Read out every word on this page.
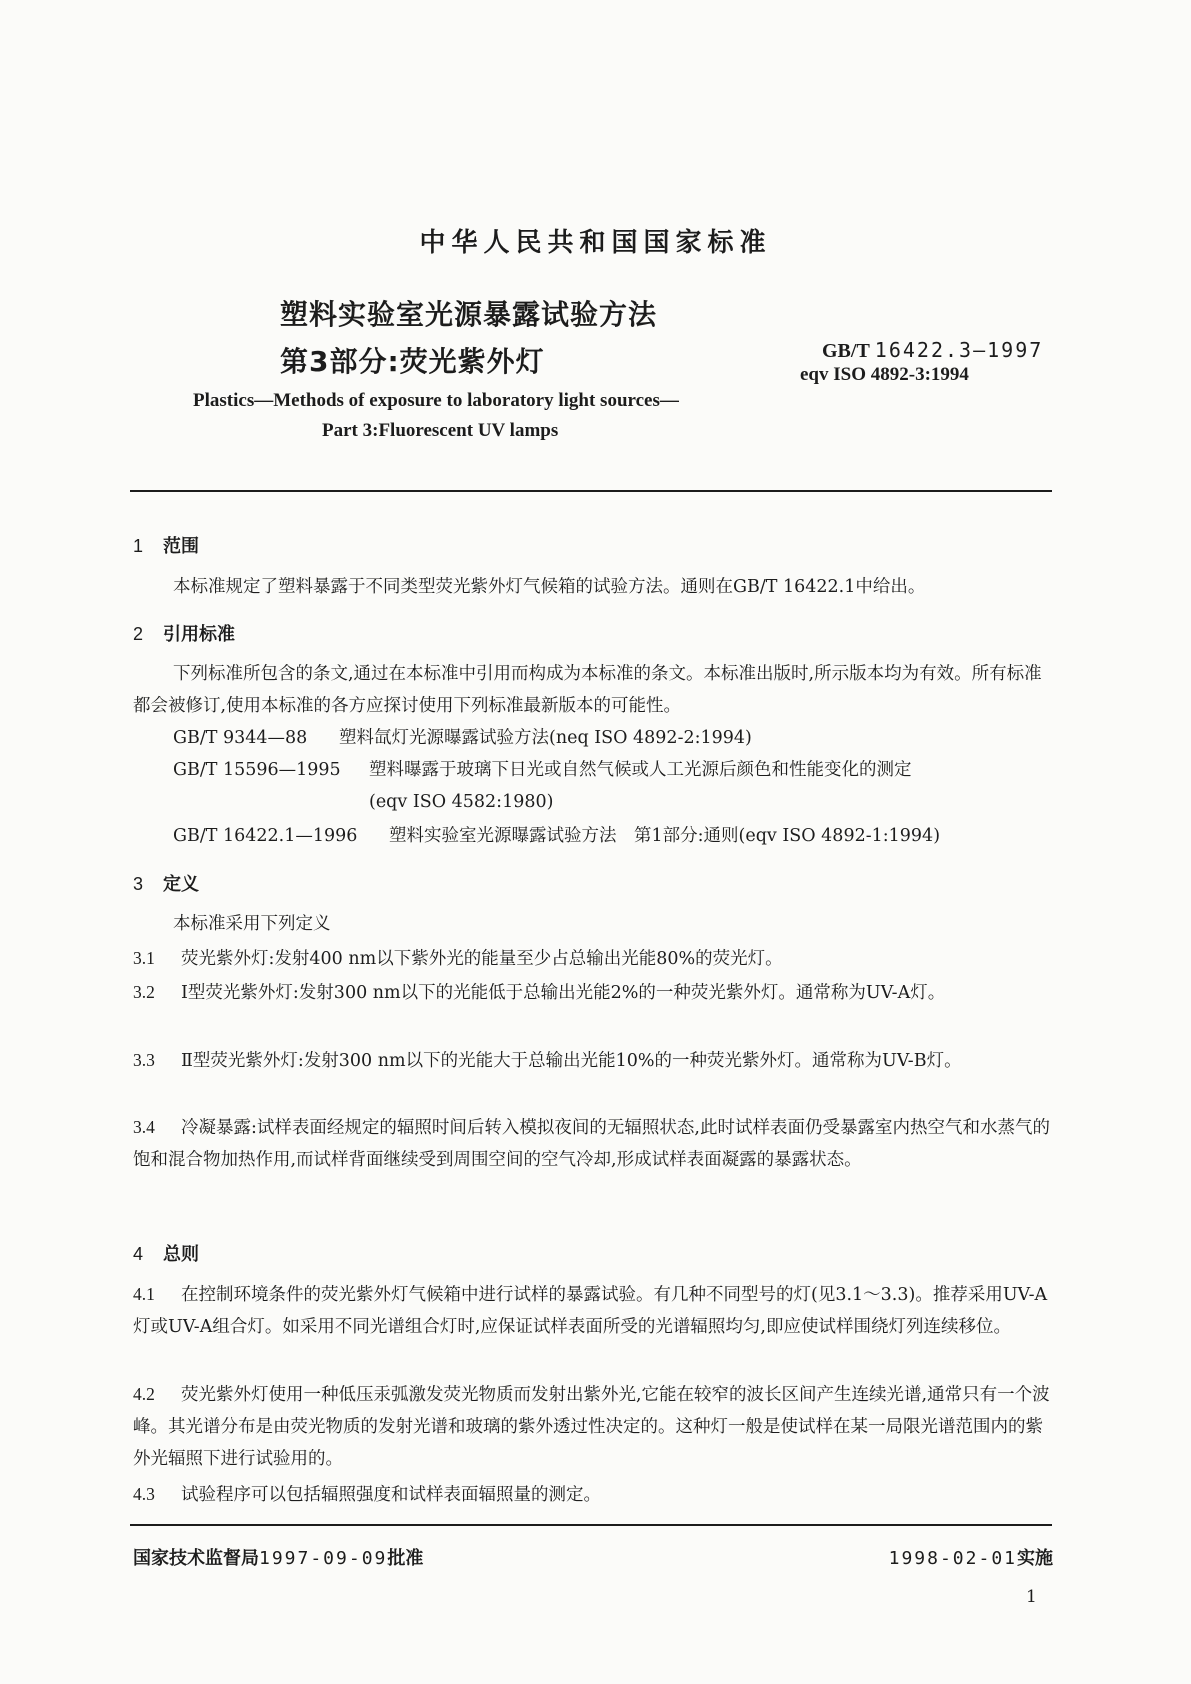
中华人民共和国国家标准
塑料实验室光源暴露试验方法
第3部分:荧光紫外灯	GB/T 16422.3—1997
eqv ISO 4892-3:1994
Plastics—Methods of exposure to laboratory light sources—
Part 3:Fluorescent UV lamps
1 范围

本标准规定了塑料暴露于不同类型荧光紫外灯气候箱的试验方法。通则在GB/T 16422.1中给出。

2 引用标准

下列标准所包含的条文,通过在本标准中引用而构成为本标准的条文。本标准出版时,所示版本均为有效。所有标准都会被修订,使用本标准的各方应探讨使用下列标准最新版本的可能性。

GB/T 9344—88 塑料氙灯光源曝露试验方法(neq ISO 4892-2:1994)
GB/T 15596—1995 塑料曝露于玻璃下日光或自然气候或人工光源后颜色和性能变化的测定
(eqv ISO 4582:1980)
GB/T 16422.1—1996 塑料实验室光源曝露试验方法　第1部分:通则(eqv ISO 4892-1:1994)
3 定义

本标准采用下列定义

3.1 荧光紫外灯:发射400 nm以下紫外光的能量至少占总输出光能80%的荧光灯。

3.2 Ⅰ型荧光紫外灯:发射300 nm以下的光能低于总输出光能2%的一种荧光紫外灯。通常称为UV-A灯。

3.3 Ⅱ型荧光紫外灯:发射300 nm以下的光能大于总输出光能10%的一种荧光紫外灯。通常称为UV-B灯。

3.4 冷凝暴露:试样表面经规定的辐照时间后转入模拟夜间的无辐照状态,此时试样表面仍受暴露室内热空气和水蒸气的饱和混合物加热作用,而试样背面继续受到周围空间的空气冷却,形成试样表面凝露的暴露状态。

4 总则

4.1 在控制环境条件的荧光紫外灯气候箱中进行试样的暴露试验。有几种不同型号的灯(见3.1～3.3)。推荐采用UV-A灯或UV-A组合灯。如采用不同光谱组合灯时,应保证试样表面所受的光谱辐照均匀,即应使试样围绕灯列连续移位。

4.2 荧光紫外灯使用一种低压汞弧激发荧光物质而发射出紫外光,它能在较窄的波长区间产生连续光谱,通常只有一个波峰。其光谱分布是由荧光物质的发射光谱和玻璃的紫外透过性决定的。这种灯一般是使试样在某一局限光谱范围内的紫外光辐照下进行试验用的。

4.3 试验程序可以包括辐照强度和试样表面辐照量的测定。

国家技术监督局1997-09-09批准	1998-02-01实施
1
